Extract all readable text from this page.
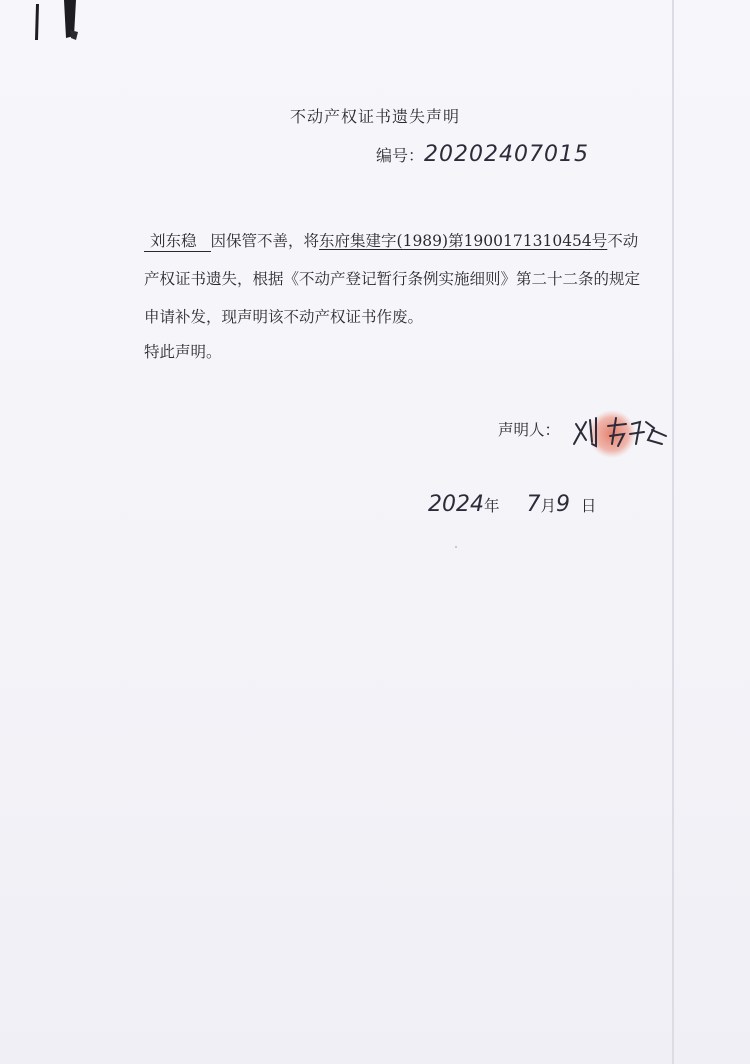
不动产权证书遗失声明
编号：20202407015

刘东稳 因保管不善，将东府集建字(1989)第1900171310454号不动产权证书遗失，根据《不动产登记暂行条例实施细则》第二十二条的规定申请补发，现声明该不动产权证书作废。

特此声明。
声明人：
2024年 7月9 日
